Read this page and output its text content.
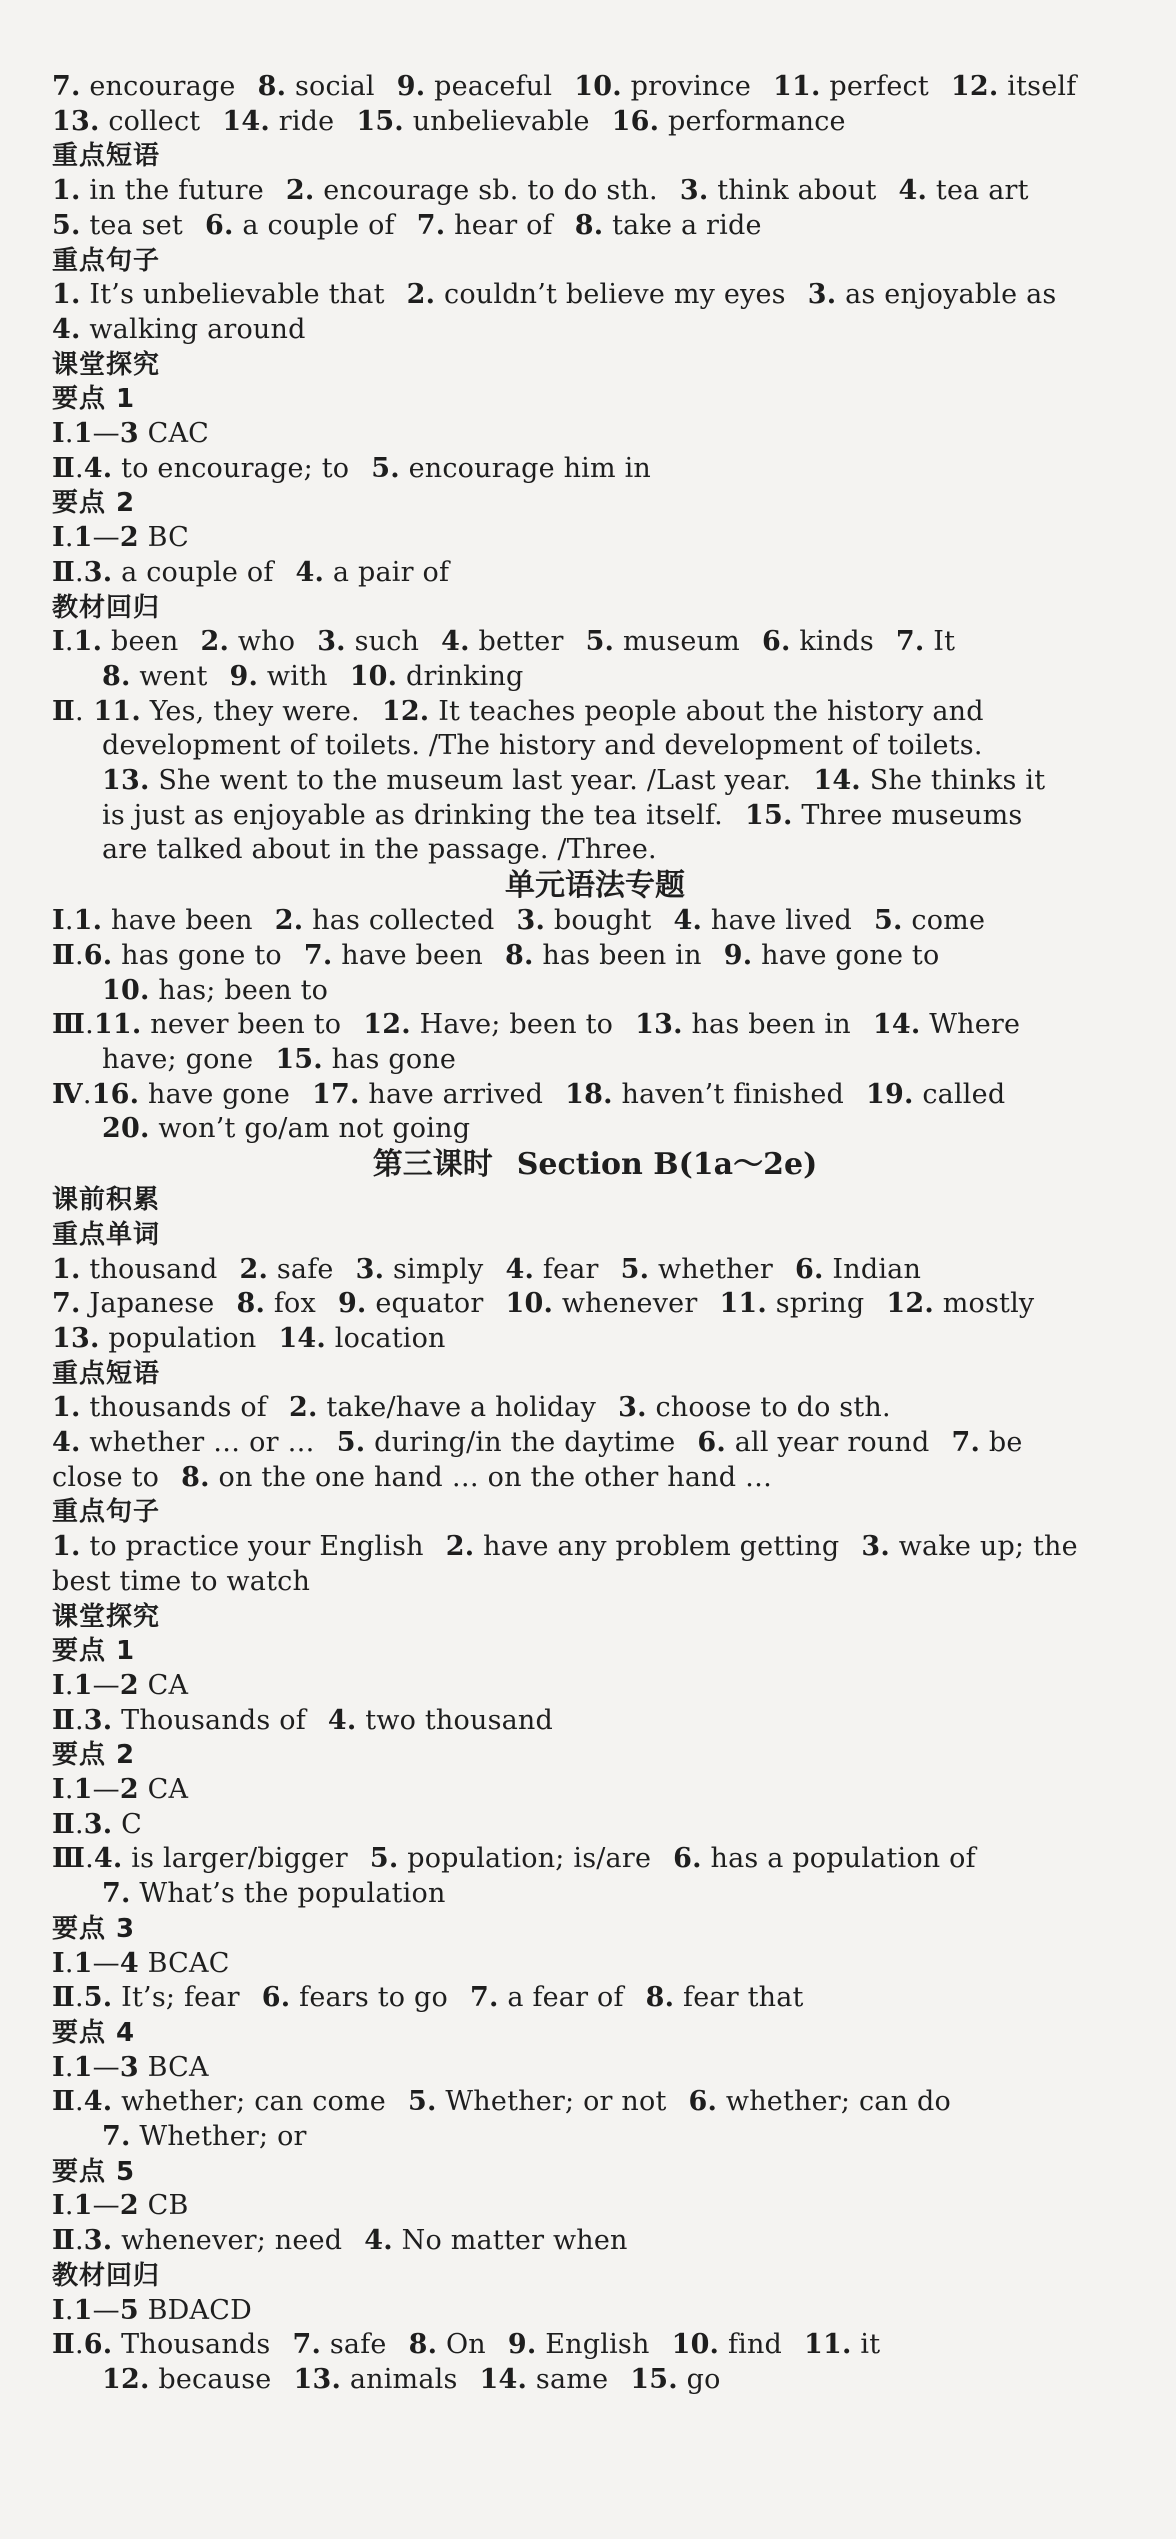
7. encourage 8. social 9. peaceful 10. province 11. perfect 12. itself
13. collect 14. ride 15. unbelievable 16. performance
重点短语
1. in the future 2. encourage sb. to do sth. 3. think about 4. tea art
5. tea set 6. a couple of 7. hear of 8. take a ride
重点句子
1. It’s unbelievable that 2. couldn’t believe my eyes 3. as enjoyable as
4. walking around
课堂探究
要点 1
Ⅰ.1—3 CAC
Ⅱ.4. to encourage; to 5. encourage him in
要点 2
Ⅰ.1—2 BC
Ⅱ.3. a couple of 4. a pair of
教材回归
Ⅰ.1. been 2. who 3. such 4. better 5. museum 6. kinds 7. It
8. went 9. with 10. drinking
Ⅱ. 11. Yes, they were. 12. It teaches people about the history and
development of toilets. /The history and development of toilets.
13. She went to the museum last year. /Last year. 14. She thinks it
is just as enjoyable as drinking the tea itself. 15. Three museums
are talked about in the passage. /Three.
单元语法专题
Ⅰ.1. have been 2. has collected 3. bought 4. have lived 5. come
Ⅱ.6. has gone to 7. have been 8. has been in 9. have gone to
10. has; been to
Ⅲ.11. never been to 12. Have; been to 13. has been in 14. Where
have; gone 15. has gone
Ⅳ.16. have gone 17. have arrived 18. haven’t finished 19. called
20. won’t go/am not going
第三课时 Section B(1a～2e)
课前积累
重点单词
1. thousand 2. safe 3. simply 4. fear 5. whether 6. Indian
7. Japanese 8. fox 9. equator 10. whenever 11. spring 12. mostly
13. population 14. location
重点短语
1. thousands of 2. take/have a holiday 3. choose to do sth.
4. whether … or … 5. during/in the daytime 6. all year round 7. be
close to 8. on the one hand … on the other hand …
重点句子
1. to practice your English 2. have any problem getting 3. wake up; the
best time to watch
课堂探究
要点 1
Ⅰ.1—2 CA
Ⅱ.3. Thousands of 4. two thousand
要点 2
Ⅰ.1—2 CA
Ⅱ.3. C
Ⅲ.4. is larger/bigger 5. population; is/are 6. has a population of
7. What’s the population
要点 3
Ⅰ.1—4 BCAC
Ⅱ.5. It’s; fear 6. fears to go 7. a fear of 8. fear that
要点 4
Ⅰ.1—3 BCA
Ⅱ.4. whether; can come 5. Whether; or not 6. whether; can do
7. Whether; or
要点 5
Ⅰ.1—2 CB
Ⅱ.3. whenever; need 4. No matter when
教材回归
Ⅰ.1—5 BDACD
Ⅱ.6. Thousands 7. safe 8. On 9. English 10. find 11. it
12. because 13. animals 14. same 15. go
